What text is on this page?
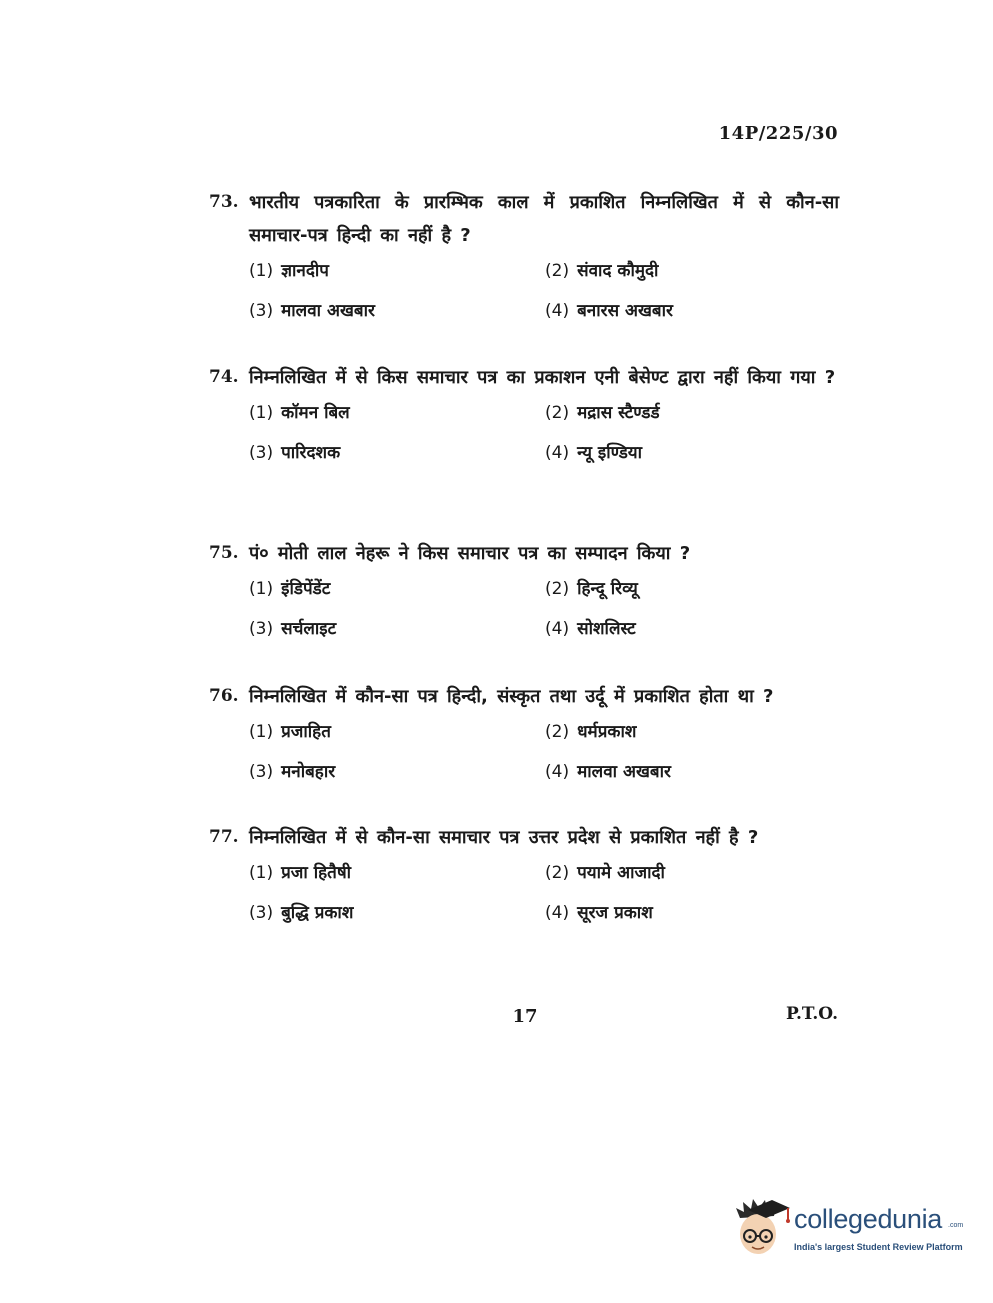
14P/225/30
73. भारतीय पत्रकारिता के प्रारम्भिक काल में प्रकाशित निम्नलिखित में से कौन-सा समाचार-पत्र हिन्दी का नहीं है ?
(1) ज्ञानदीप	(2) संवाद कौमुदी
(3) मालवा अखबार	(4) बनारस अखबार
74. निम्नलिखित में से किस समाचार पत्र का प्रकाशन एनी बेसेण्ट द्वारा नहीं किया गया ?
(1) कॉमन बिल	(2) मद्रास स्टैण्डर्ड
(3) पारिदशक	(4) न्यू इण्डिया
75. पं० मोती लाल नेहरू ने किस समाचार पत्र का सम्पादन किया ?
(1) इंडिपेंडेंट	(2) हिन्दू रिव्यू
(3) सर्चलाइट	(4) सोशलिस्ट
76. निम्नलिखित में कौन-सा पत्र हिन्दी, संस्कृत तथा उर्दू में प्रकाशित होता था ?
(1) प्रजाहित	(2) धर्मप्रकाश
(3) मनोबहार	(4) मालवा अखबार
77. निम्नलिखित में से कौन-सा समाचार पत्र उत्तर प्रदेश से प्रकाशित नहीं है ?
(1) प्रजा हितैषी	(2) पयामे आजादी
(3) बुद्धि प्रकाश	(4) सूरज प्रकाश
17	P.T.O.
collegedunia .com
India's largest Student Review Platform
